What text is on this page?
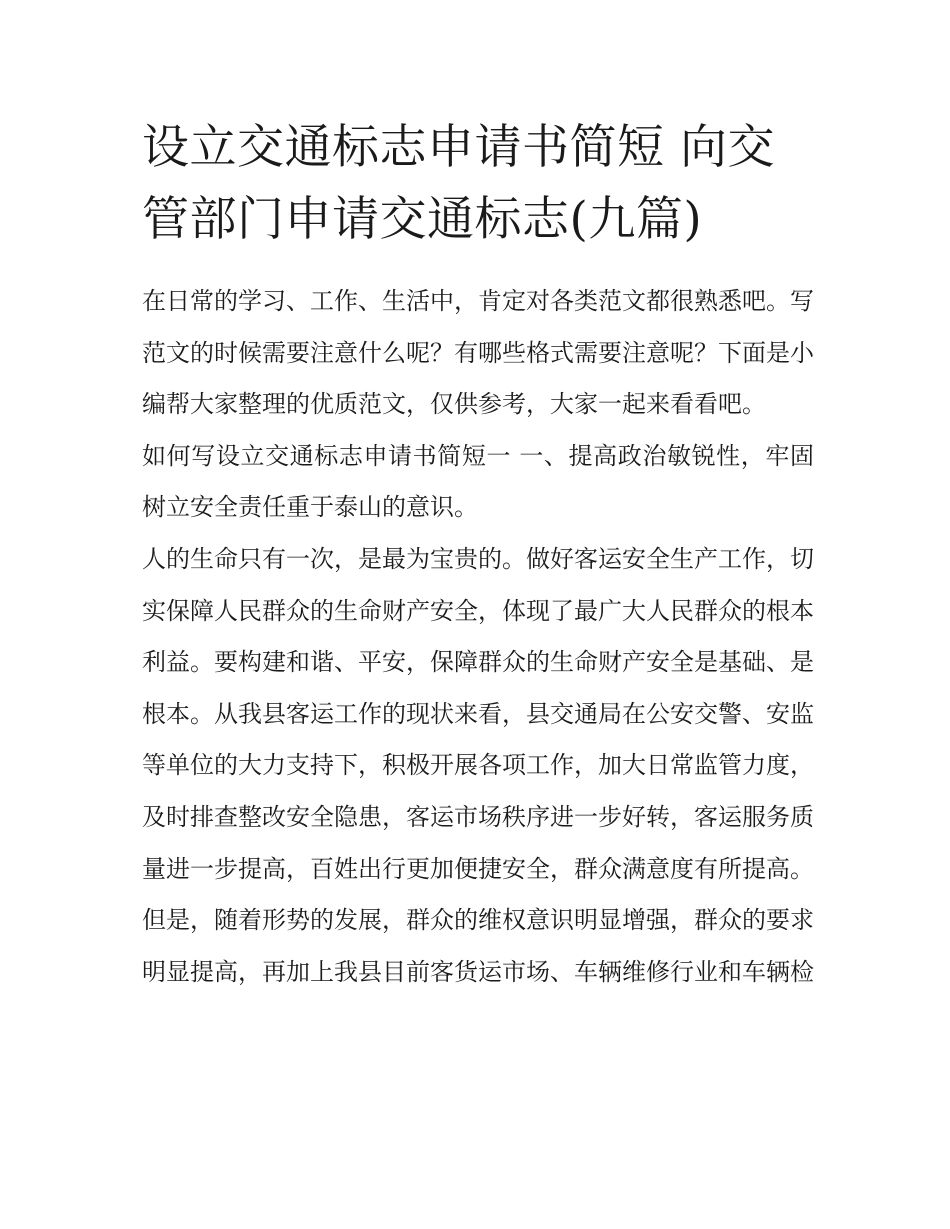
设立交通标志申请书简短 向交管部门申请交通标志(九篇)

在日常的学习、工作、生活中，肯定对各类范文都很熟悉吧。写范文的时候需要注意什么呢？有哪些格式需要注意呢？下面是小编帮大家整理的优质范文，仅供参考，大家一起来看看吧。

如何写设立交通标志申请书简短一 一、提高政治敏锐性，牢固树立安全责任重于泰山的意识。

人的生命只有一次，是最为宝贵的。做好客运安全生产工作，切实保障人民群众的生命财产安全，体现了最广大人民群众的根本利益。要构建和谐、平安，保障群众的生命财产安全是基础、是根本。从我县客运工作的现状来看，县交通局在公安交警、安监等单位的大力支持下，积极开展各项工作，加大日常监管力度，及时排查整改安全隐患，客运市场秩序进一步好转，客运服务质量进一步提高，百姓出行更加便捷安全，群众满意度有所提高。但是，随着形势的发展，群众的维权意识明显增强，群众的要求明显提高，再加上我县目前客货运市场、车辆维修行业和车辆检
